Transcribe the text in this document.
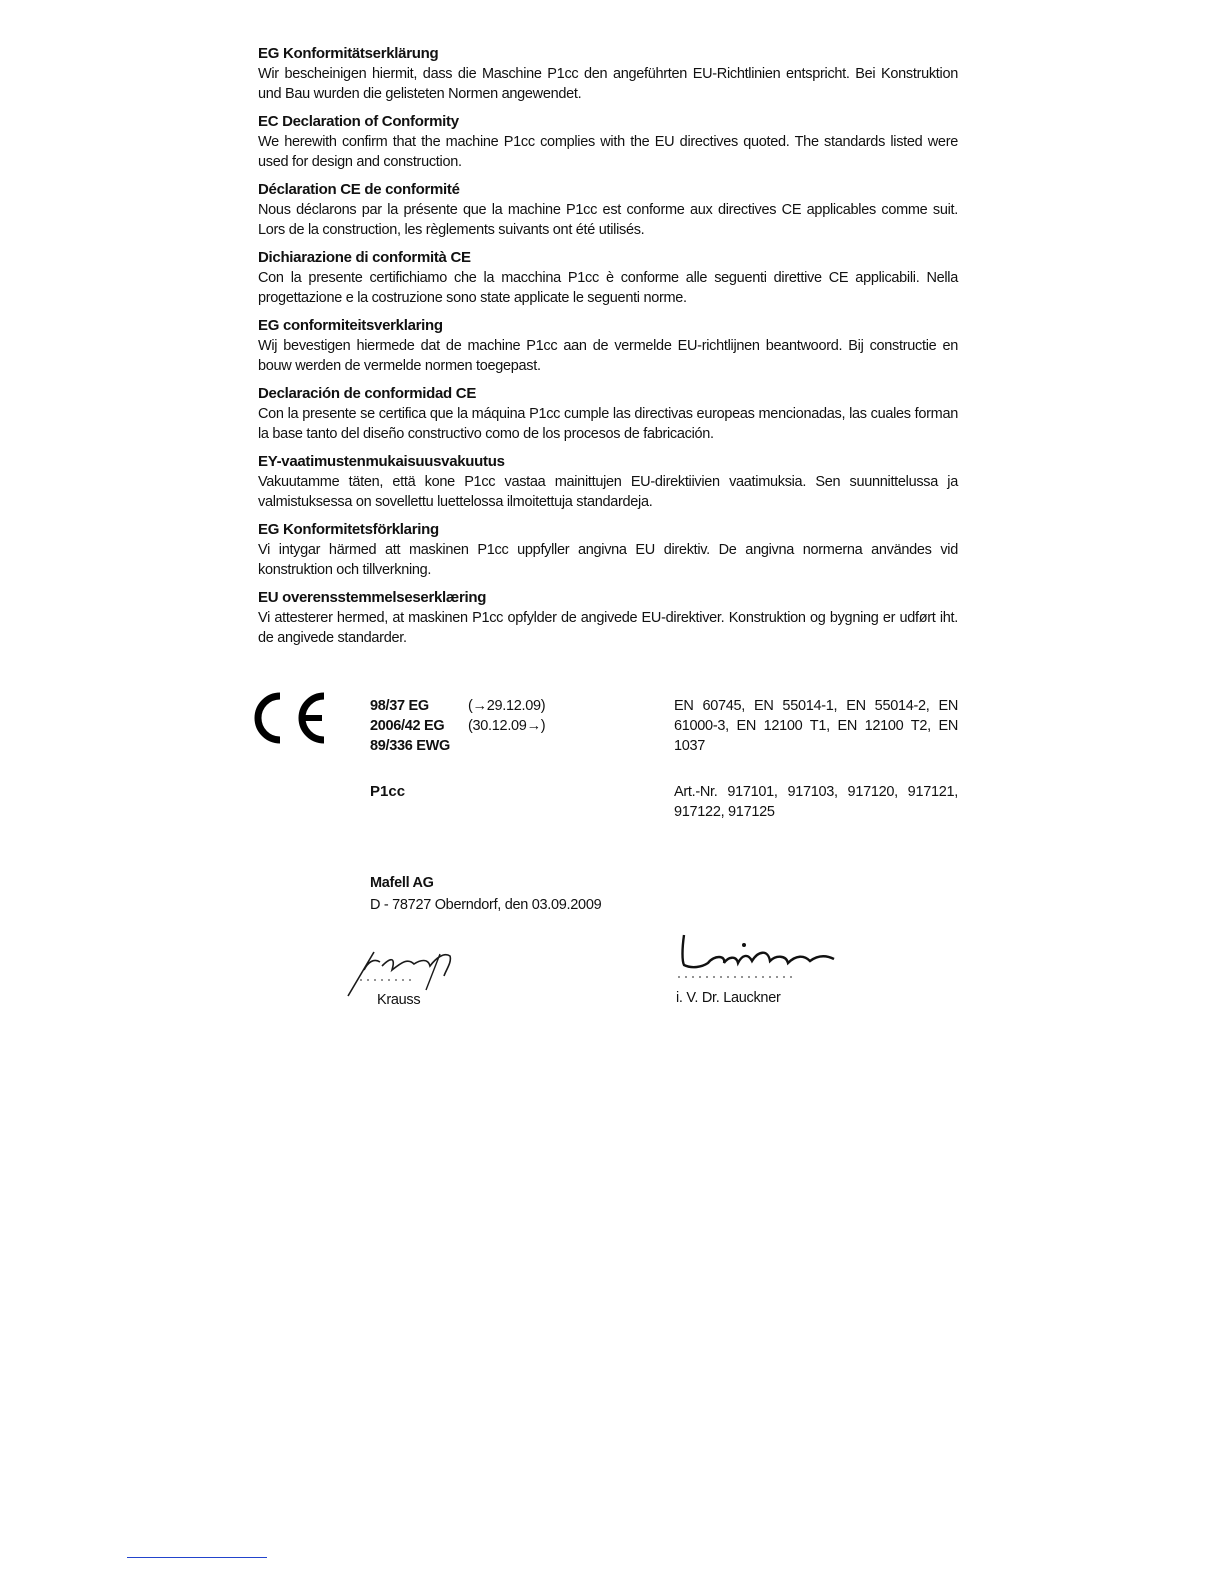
EG Konformitätserklärung
Wir bescheinigen hiermit, dass die Maschine P1cc den angeführten EU-Richtlinien entspricht. Bei Konstruktion und Bau wurden die gelisteten Normen angewendet.
EC Declaration of Conformity
We herewith confirm that the machine P1cc complies with the EU directives quoted. The standards listed were used for design and construction.
Déclaration CE de conformité
Nous déclarons par la présente que la machine P1cc est conforme aux directives CE applicables comme suit. Lors de la construction, les règlements suivants ont été utilisés.
Dichiarazione di conformità CE
Con la presente certifichiamo che la macchina P1cc è conforme alle seguenti direttive CE applicabili. Nella progettazione e la costruzione sono state applicate le seguenti norme.
EG conformiteitsverklaring
Wij bevestigen hiermede dat de machine P1cc aan de vermelde EU-richtlijnen beantwoord. Bij constructie en bouw werden de vermelde normen toegepast.
Declaración de conformidad CE
Con la presente se certifica que la máquina P1cc cumple las directivas europeas mencionadas, las cuales forman la base tanto del diseño constructivo como de los procesos de fabricación.
EY-vaatimustenmukaisuusvakuutus
Vakuutamme täten, että kone P1cc vastaa mainittujen EU-direktiivien vaatimuksia. Sen suunnittelussa ja valmistuksessa on sovellettu luettelossa ilmoitettuja standardeja.
EG Konformitetsförklaring
Vi intygar härmed att maskinen P1cc uppfyller angivna EU direktiv. De angivna normerna användes vid konstruktion och tillverkning.
EU overensstemmelseserklæring
Vi attesterer hermed, at maskinen P1cc opfylder de angivede EU-direktiver. Konstruktion og bygning er udført iht. de angivede standarder.
98/37 EG	(→29.12.09)
2006/42 EG	(30.12.09→)
89/336 EWG
EN 60745, EN 55014-1, EN 55014-2, EN 61000-3, EN 12100 T1, EN 12100 T2, EN 1037
P1cc	Art.-Nr. 917101, 917103, 917120, 917121, 917122, 917125
Mafell AG
D - 78727 Oberndorf, den 03.09.2009
Krauss	i. V. Dr. Lauckner
